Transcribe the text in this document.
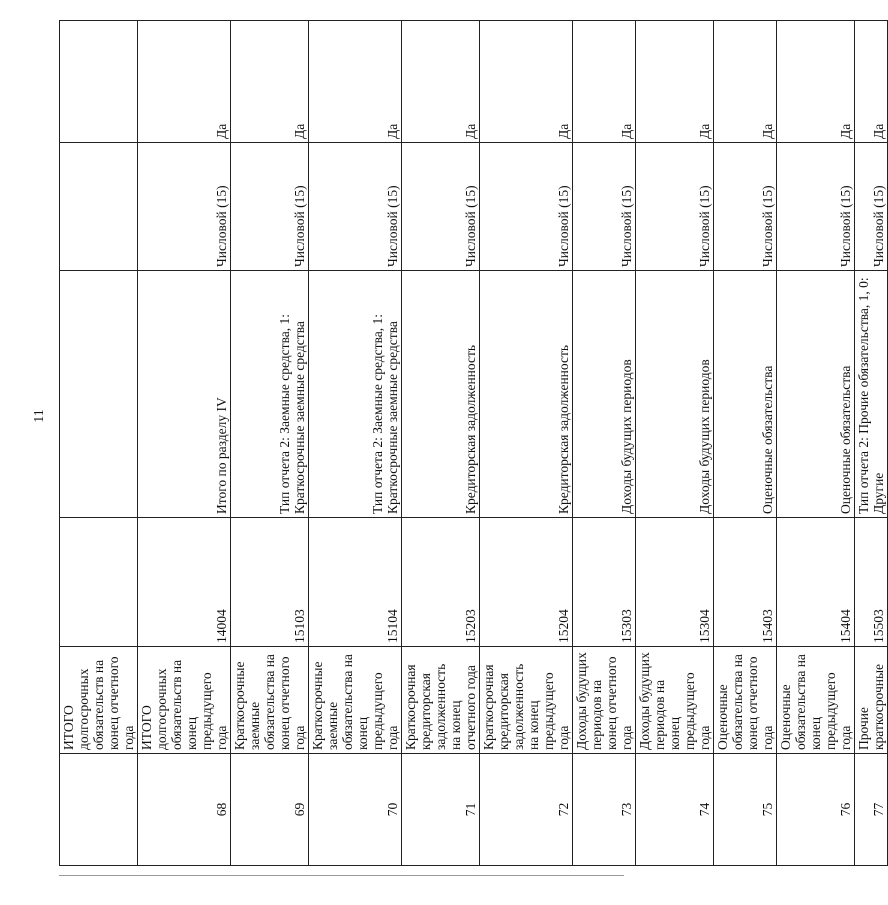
11
	ИТОГО долгосрочных обязательств на конец отчетного года				
68	ИТОГО долгосрочных обязательств на конец предыдущего года	14004	Итого по разделу IV	Числовой (15)	Да
69	Краткосрочные заемные обязательства на конец отчетного года	15103	Тип отчета 2: Заемные средства, 1: Краткосрочные заемные средства	Числовой (15)	Да
70	Краткосрочные заемные обязательства на конец предыдущего года	15104	Тип отчета 2: Заемные средства, 1: Краткосрочные заемные средства	Числовой (15)	Да
71	Краткосрочная кредиторская задолженность на конец отчетного года	15203	Кредиторская задолженность	Числовой (15)	Да
72	Краткосрочная кредиторская задолженность на конец предыдущего года	15204	Кредиторская задолженность	Числовой (15)	Да
73	Доходы будущих периодов на конец отчетного года	15303	Доходы будущих периодов	Числовой (15)	Да
74	Доходы будущих периодов на конец предыдущего года	15304	Доходы будущих периодов	Числовой (15)	Да
75	Оценочные обязательства на конец отчетного года	15403	Оценочные обязательства	Числовой (15)	Да
76	Оценочные обязательства на конец предыдущего года	15404	Оценочные обязательства	Числовой (15)	Да
77	Прочие краткосрочные	15503	Тип отчета 2: Прочие обязательства, 1, 0: Другие	Числовой (15)	Да
